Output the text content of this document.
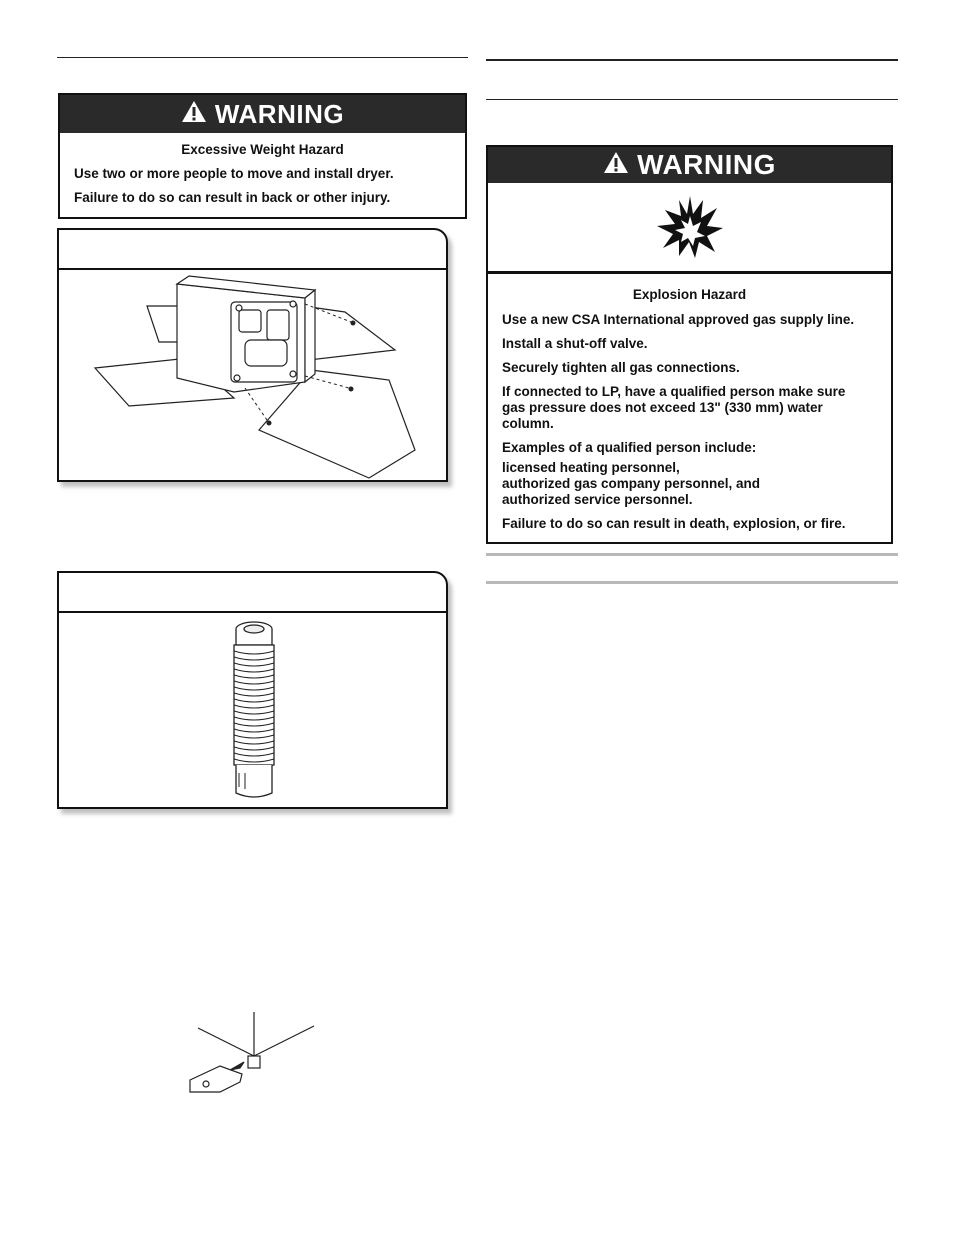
WARNING

Excessive Weight Hazard

Use two or more people to move and install dryer.

Failure to do so can result in back or other injury.

WARNING

Explosion Hazard

Use a new CSA International approved gas supply line.

Install a shut-off valve.

Securely tighten all gas connections.

If connected to LP, have a qualified person make sure gas pressure does not exceed 13" (330 mm) water column.

Examples of a qualified person include:

licensed heating personnel,

authorized gas company personnel, and

authorized service personnel.

Failure to do so can result in death, explosion, or fire.
